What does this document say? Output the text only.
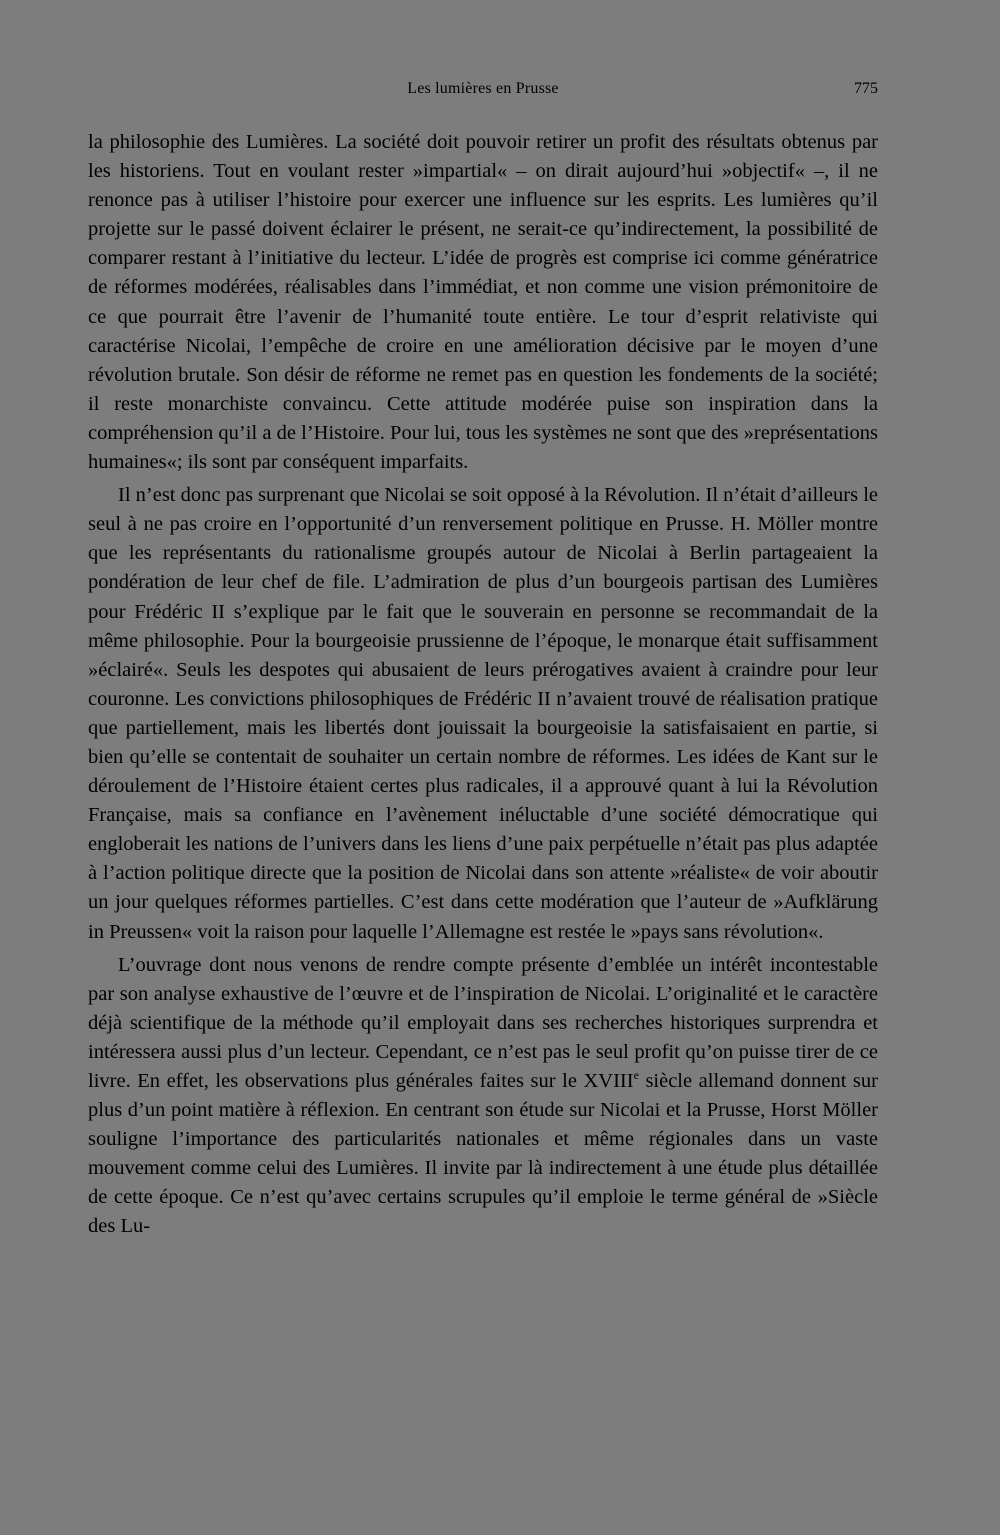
Les lumières en Prusse	775

la philosophie des Lumières. La société doit pouvoir retirer un profit des résultats obtenus par les historiens. Tout en voulant rester »impartial« – on dirait aujourd’hui »objectif« –, il ne renonce pas à utiliser l’histoire pour exercer une influence sur les esprits. Les lumières qu’il projette sur le passé doivent éclairer le présent, ne serait-ce qu’indirectement, la possibilité de comparer restant à l’initiative du lecteur. L’idée de progrès est comprise ici comme génératrice de réformes modérées, réalisables dans l’immédiat, et non comme une vision prémonitoire de ce que pourrait être l’avenir de l’humanité toute entière. Le tour d’esprit relativiste qui caractérise Nicolai, l’empêche de croire en une amélioration décisive par le moyen d’une révolution brutale. Son désir de réforme ne remet pas en question les fondements de la société; il reste monarchiste convaincu. Cette attitude modérée puise son inspiration dans la compréhension qu’il a de l’Histoire. Pour lui, tous les systèmes ne sont que des »représentations humaines«; ils sont par conséquent imparfaits.

Il n’est donc pas surprenant que Nicolai se soit opposé à la Révolution. Il n’était d’ailleurs le seul à ne pas croire en l’opportunité d’un renversement politique en Prusse. H. Möller montre que les représentants du rationalisme groupés autour de Nicolai à Berlin partageaient la pondération de leur chef de file. L’admiration de plus d’un bourgeois partisan des Lumières pour Frédéric II s’explique par le fait que le souverain en personne se recommandait de la même philosophie. Pour la bourgeoisie prussienne de l’époque, le monarque était suffisamment »éclairé«. Seuls les despotes qui abusaient de leurs prérogatives avaient à craindre pour leur couronne. Les convictions philosophiques de Frédéric II n’avaient trouvé de réalisation pratique que partiellement, mais les libertés dont jouissait la bourgeoisie la satisfaisaient en partie, si bien qu’elle se contentait de souhaiter un certain nombre de réformes. Les idées de Kant sur le déroulement de l’Histoire étaient certes plus radicales, il a approuvé quant à lui la Révolution Française, mais sa confiance en l’avènement inéluctable d’une société démocratique qui engloberait les nations de l’univers dans les liens d’une paix perpétuelle n’était pas plus adaptée à l’action politique directe que la position de Nicolai dans son attente »réaliste« de voir aboutir un jour quelques réformes partielles. C’est dans cette modération que l’auteur de »Aufklärung in Preussen« voit la raison pour laquelle l’Allemagne est restée le »pays sans révolution«.

L’ouvrage dont nous venons de rendre compte présente d’emblée un intérêt incontestable par son analyse exhaustive de l’œuvre et de l’inspiration de Nicolai. L’originalité et le caractère déjà scientifique de la méthode qu’il employait dans ses recherches historiques surprendra et intéressera aussi plus d’un lecteur. Cependant, ce n’est pas le seul profit qu’on puisse tirer de ce livre. En effet, les observations plus générales faites sur le XVIIIe siècle allemand donnent sur plus d’un point matière à réflexion. En centrant son étude sur Nicolai et la Prusse, Horst Möller souligne l’importance des particularités nationales et même régionales dans un vaste mouvement comme celui des Lumières. Il invite par là indirectement à une étude plus détaillée de cette époque. Ce n’est qu’avec certains scrupules qu’il emploie le terme général de »Siècle des Lu-
